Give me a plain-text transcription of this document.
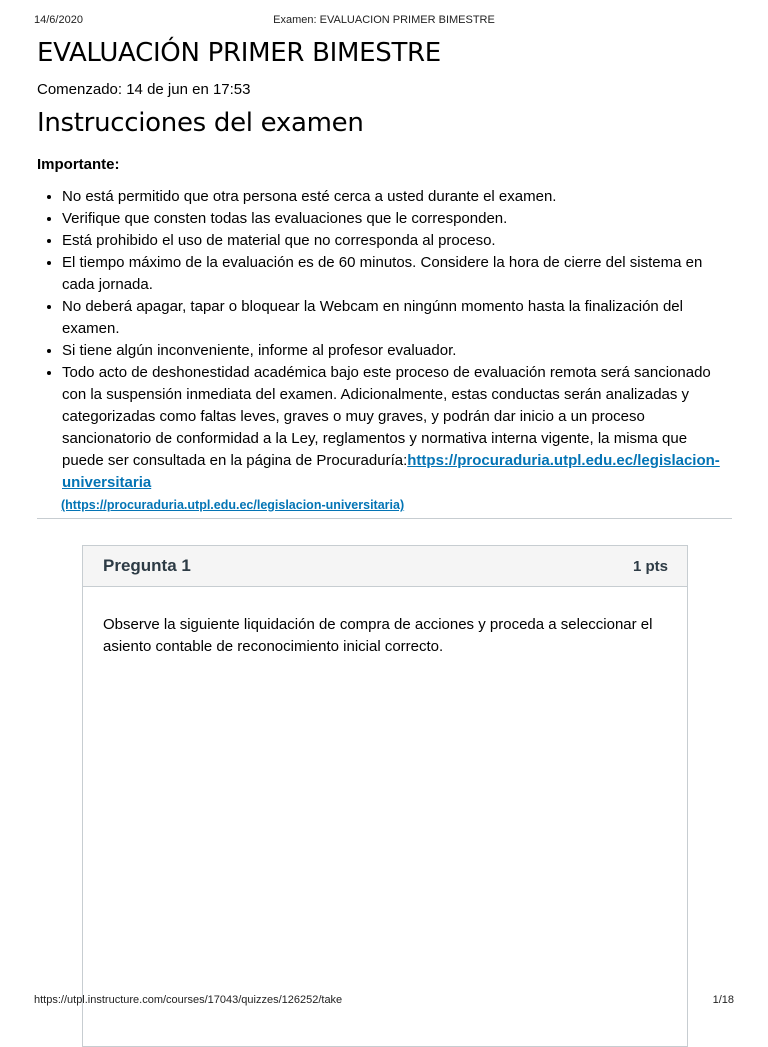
14/6/2020	Examen: EVALUACION PRIMER BIMESTRE
EVALUACIÓN PRIMER BIMESTRE
Comenzado: 14 de jun en 17:53
Instrucciones del examen
Importante:
• No está permitido que otra persona esté cerca a usted durante el examen.
• Verifique que consten todas las evaluaciones que le corresponden.
• Está prohibido el uso de material que no corresponda al proceso.
• El tiempo máximo de la evaluación es de 60 minutos. Considere la hora de cierre del sistema en cada jornada.
• No deberá apagar, tapar o bloquear la Webcam en ningúnn momento hasta la finalización del examen.
• Si tiene algún inconveniente, informe al profesor evaluador.
• Todo acto de deshonestidad académica bajo este proceso de evaluación remota será sancionado con la suspensión inmediata del examen. Adicionalmente, estas conductas serán analizadas y categorizadas como faltas leves, graves o muy graves, y podrán dar inicio a un proceso sancionatorio de conformidad a la Ley, reglamentos y normativa interna vigente, la misma que puede ser consultada en la página de Procuraduría:https://procuraduria.utpl.edu.ec/legislacion-universitaria
(https://procuraduria.utpl.edu.ec/legislacion-universitaria)
Pregunta 1	1 pts
Observe la siguiente liquidación de compra de acciones y proceda a seleccionar el asiento contable de reconocimiento inicial correcto.
https://utpl.instructure.com/courses/17043/quizzes/126252/take	1/18
